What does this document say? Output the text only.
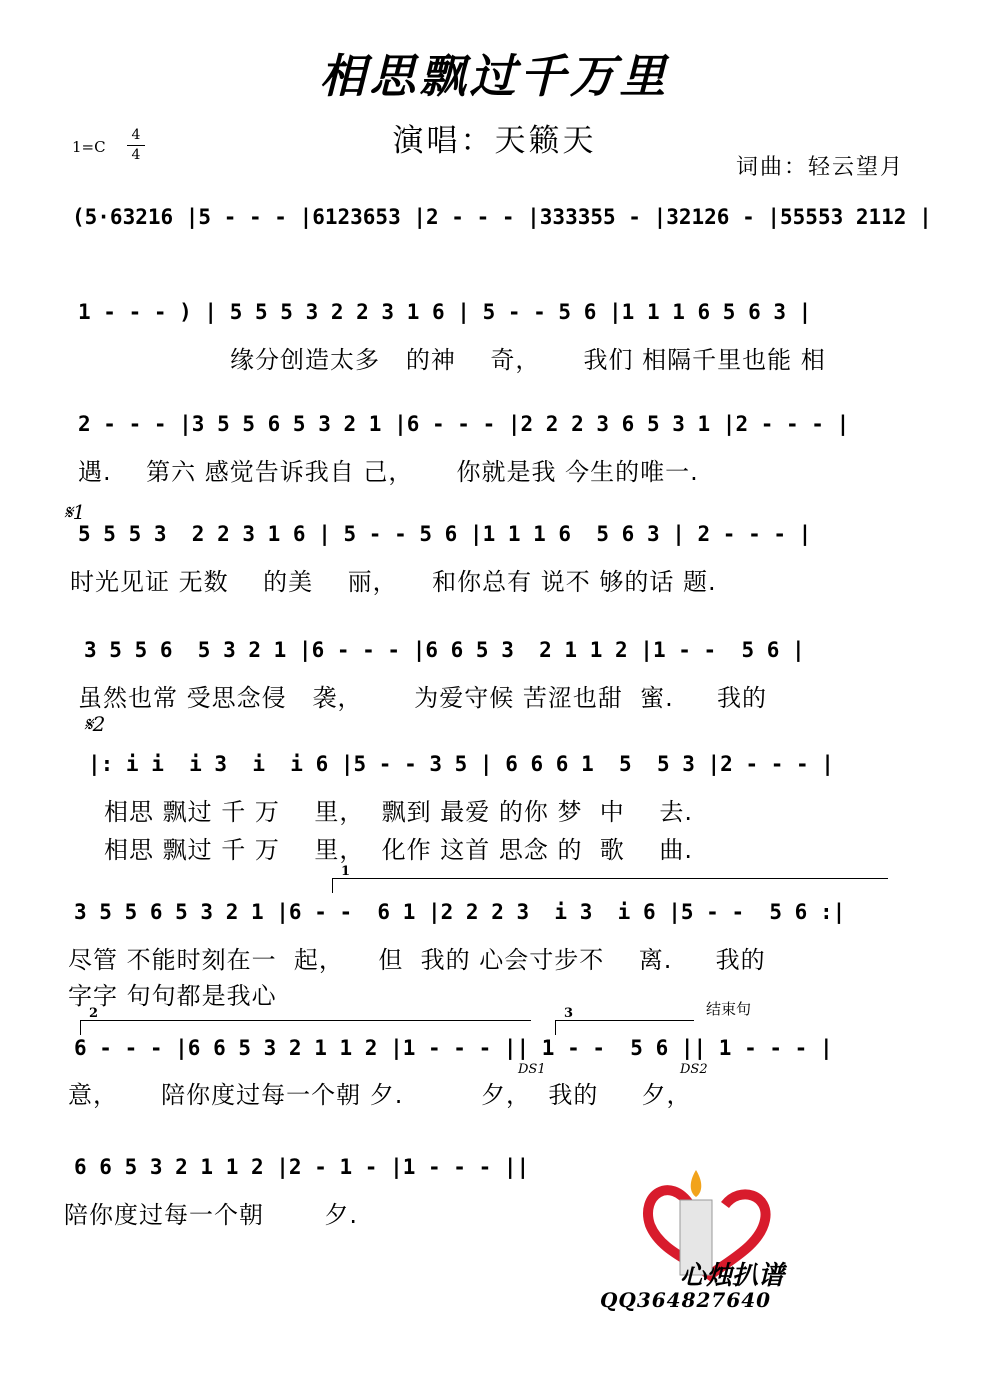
相思飘过千万里
演唱：天籁天
词曲：轻云望月
1=C
4
4
(5·63216 |5 - - - |6123653 |2 - - - |333355 - |32126 - |55553 2112 |
1 - - - ) | 5 5 5 3 2 2 3 1 6 | 5 - - 5 6 |1 1 1 6 5 6 3 |
缘分创造太多   的神    奇，     我们 相隔千里也能 相
2 - - - |3 5 5 6 5 3 2 1 |6 - - - |2 2 2 3 6 5 3 1 |2 - - - |
遇.    第六 感觉告诉我自 己，     你就是我 今生的唯一.
𝄋1
5 5 5 3  2 2 3 1 6 | 5 - - 5 6 |1 1 1 6  5 6 3 | 2 - - - |
时光见证 无数    的美    丽，    和你总有 说不 够的话 题.
3 5 5 6  5 3 2 1 |6 - - - |6 6 5 3  2 1 1 2 |1 - -  5 6 |
虽然也常 受思念侵   袭，      为爱守候 苦涩也甜  蜜.     我的
𝄋2
|: i i  i 3  i  i 6 |5 - - 3 5 | 6 6 6 1  5  5 3 |2 - - - |
相思 飘过 千 万    里，  飘到 最爱 的你 梦  中    去.
相思 飘过 千 万    里，  化作 这首 思念 的  歌    曲.
1
3 5 5 6 5 3 2 1 |6 - -  6 1 |2 2 2 3  i 3  i 6 |5 - -  5 6 :|
尽管 不能时刻在一  起，    但  我的 心会寸步不    离.     我的
字字 句句都是我心
2	3	结束句
6 - - - |6 6 5 3 2 1 1 2 |1 - - - || 1 - -  5 6 || 1 - - - |
DS1	DS2
意，     陪你度过每一个朝 夕.         夕，  我的     夕，
6 6 5 3 2 1 1 2 |2 - 1 - |1 - - - ||
陪你度过每一个朝       夕.
心烛扒谱
QQ364827640
